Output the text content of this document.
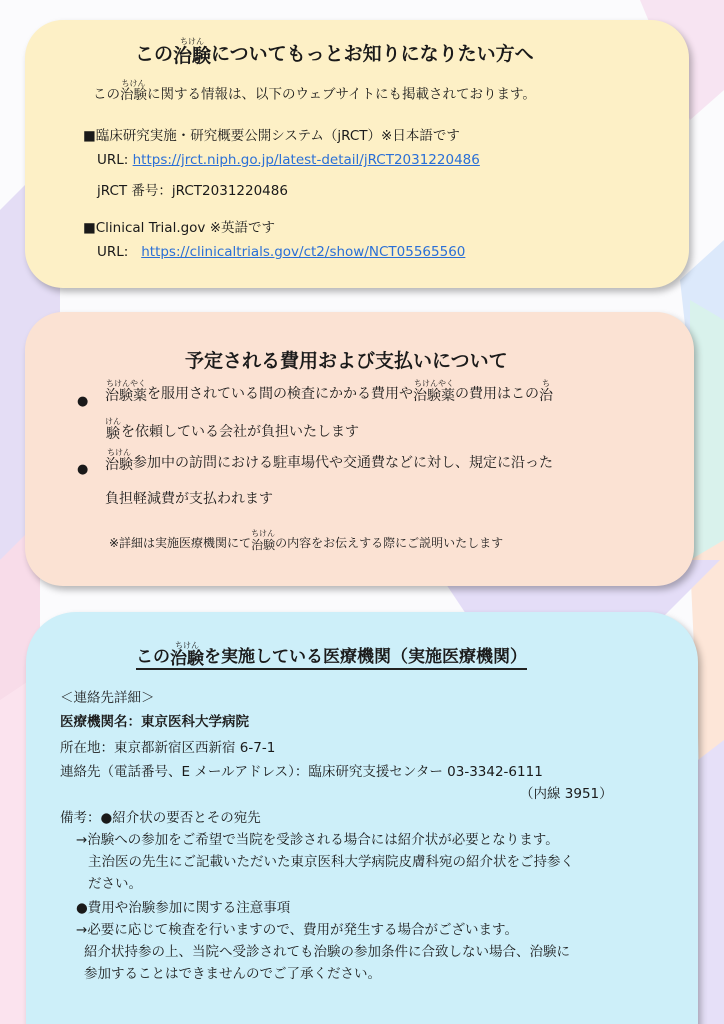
この
ちけん
治験 についてもっとお知りになりたい方へ
この
ちけん
治験 に関する情報は、以下のウェブサイトにも掲載されております。
■臨床研究実施・研究概要公開システム（jRCT）※日本語です
URL: https://jrct.niph.go.jp/latest-detail/jRCT2031220486
jRCT 番号：jRCT2031220486
■Clinical Trial.gov ※英語です
URL: https://clinicaltrials.gov/ct2/show/NCT05565560
予定される費用および支払いについて
●
ちけんやく
治験薬 を服用されている間の検査にかかる費用や
ちけんやく
治験薬 の費用はこの
ち
治
けん
験 を依頼している会社が負担いたします
●
ちけん
治験 参加中の訪問における駐車場代や交通費などに対し、規定に沿った
負担軽減費が支払われます
※詳細は実施医療機関にて
ちけん
治験 の内容をお伝えする際にご説明いたします
この
ちけん
治験 を実施している医療機関（実施医療機関）
＜連絡先詳細＞
医療機関名：東京医科大学病院
所在地：東京都新宿区西新宿 6-7-1
連絡先（電話番号、E メールアドレス）：臨床研究支援センター 03-3342-6111
（内線 3951）
備考：●紹介状の要否とその宛先
→治験への参加をご希望で当院を受診される場合には紹介状が必要となります。
主治医の先生にご記載いただいた東京医科大学病院皮膚科宛の紹介状をご持参く
ださい。
●費用や治験参加に関する注意事項
→必要に応じて検査を行いますので、費用が発生する場合がございます。
紹介状持参の上、当院へ受診されても治験の参加条件に合致しない場合、治験に
参加することはできませんのでご了承ください。
